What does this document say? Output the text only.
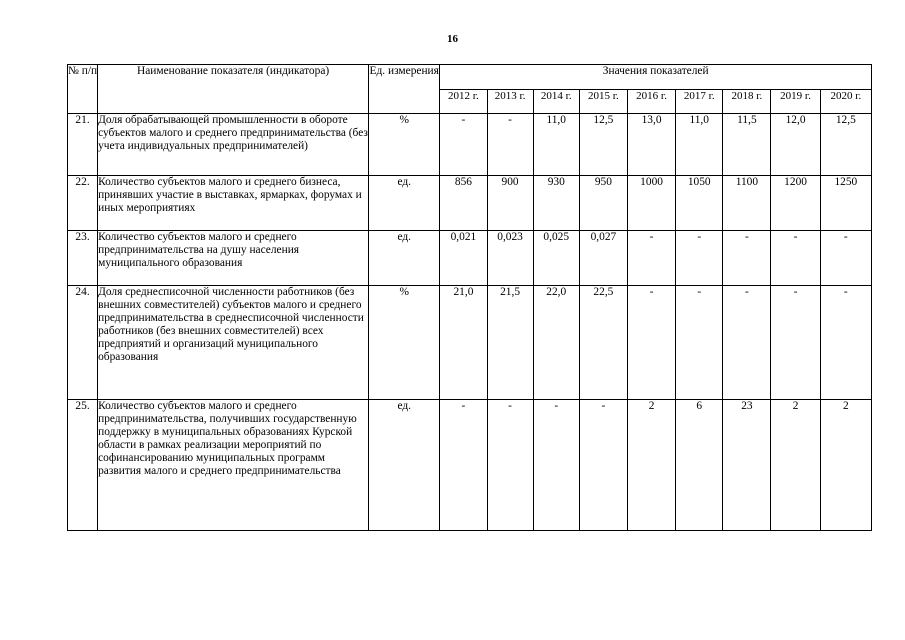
16
№ п/п	Наименование показателя (индикатора)	Ед. измерения	Значения показателей								
			2012 г.	2013 г.	2014 г.	2015 г.	2016 г.	2017 г.	2018 г.	2019 г.	2020 г.
21.	Доля обрабатывающей промышленности в обороте субъектов малого и среднего предпринимательства (без учета индивидуальных предпринимателей)	%	-	-	11,0	12,5	13,0	11,0	11,5	12,0	12,5
22.	Количество субъектов малого и среднего бизнеса, принявших участие в выставках, ярмарках, форумах и иных мероприятиях	ед.	856	900	930	950	1000	1050	1100	1200	1250
23.	Количество субъектов малого и среднего предпринимательства на душу населения муниципального образования	ед.	0,021	0,023	0,025	0,027	-	-	-	-	-
24.	Доля среднесписочной численности работников (без внешних совместителей) субъектов малого и среднего предпринимательства в среднесписочной численности работников (без внешних совместителей) всех предприятий и организаций муниципального образования	%	21,0	21,5	22,0	22,5	-	-	-	-	-
25.	Количество субъектов малого и среднего предпринимательства, получивших государственную поддержку в муниципальных образованиях Курской области в рамках реализации мероприятий по софинансированию муниципальных программ развития малого и среднего предпринимательства	ед.	-	-	-	-	2	6	23	2	2
